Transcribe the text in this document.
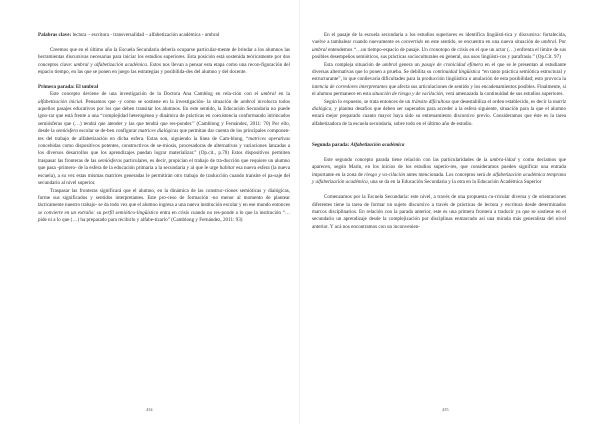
Palabras clave: lectura – escritura - transversalidad – alfabetización académica - umbral

Creemos que en el último año la Escuela Secundaria debería ocuparse particular-mente de brindar a los alumnos las herramientas discursivas necesarias para iniciar los estudios superiores. Esta posición está sostenida teóricamente por dos conceptos clave: umbral y alfabetización académica. Estos nos llevan a pensar esta etapa como una recon-figuración del espacio tiempo, en las que se ponen en juego las estrategias y posibilida-des del alumno y del docente.

Primera parada: El umbral

Este concepto deviene de una investigación de la Doctora Ana Camblog en rela-ción con el umbral en la alfabetización inicial. Pensamos que -y como se sostiene en la investigación- la situación de umbral involucra todos aquellos pasajes educativos por los que deben transitar los alumnos. En este sentido, la Educación Secundaria no puede igno-rar que está frente a una “complejidad heterogénea y dinámica de prácticas en coexistencia conformando intrincados semiósferas que (…) tendrá que atender y las que tendrá que res-ponder.” (Camblong y Fernández, 2011: 70) Por ello, desde la semiósfera escolar se de-ben configurar matrices dialógicas que permitan dar cuenta de los principales componen-tes del trabajo de alfabetización en dicha esfera. Estas son, siguiendo la línea de Cam-blong, “matrices operativas concebidas como dispositivos potentes, constructivos de se-miosis, procesadoras de alternativas y variaciones lanzadas a los diversos desarrollos que los aprendizajes puedan lograr materializar.” (Op.cit., p.70) Estos dispositivos permiten traspasar las fronteras de las semiósferas particulares, es decir, propician el trabajo de tra-ducción que requiere un alumno que pasa -primero- de la esfera de la educación primaria a la secundaria y al que le urge habitar esa nueva esfera (la nueva escuela), a su vez estas mismas matrices generadas le permitirán otro trabajo de traducción cuando transite el pa-saje del secundario al nivel superior.

Traspasar las fronteras significará que el alumno, en la dinámica de las construc-ciones semióticas y dialógicas, forme sus significados y sentidos interpretantes. Este pro-ceso de formación -no menor al momento de plantear tácticamente nuestro trabajo- se da todo vez que el alumno ingresa a una nueva institución escolar y en ese mundo entonces se convierte en un extraño: su perfil semiótico-lingüístico entra en crisis cuando no res-ponde a lo que la institución “…pide ni a lo que (…) ha preparado para recibirlo y alfabe-tizarlo” (Camblong y Fernández, 2011: 93)

434

En el pasaje de la escuela secundaria a los estudios superiores es identifíca lingüísti-tica y discursiva: fortalecida, vuelve a tambalear cuando nuevamente es convertido en este sentido, se encuentra en una nueva situación de umbral. Por umbral entendemos “…un tiempo-espacio de pasaje. Un cronotopo de crisis en el que un actor (…) enfrenta el límite de sus posibles desempeños semióticos, sus prácticas socioculturales en general, sus usos lingüísti-cos y parafrasis.” (Op.Cit. 97)

Esta compleja situación de umbral genera un pasaje de cronicidad efímera en el que se le presentan al estudiante diversas alternativas que lo ponen a prueba. Se debilita su continuidad lingüística “en tanto práctica semiótica estructural y estructurante”, lo que conllevaría dificultades para la producción lingüística o anulación de esta posibilidad; esto provoca la latencia de corredores interpretantes que afecta sus articulaciones de sentido y los encadenamientos posibles. Finalmente, si el alumno permanece en esta situación de riesgo y de vacilación, verá amenazada la continuidad de sus estudios superiores.

Según lo expuesto, se trata entonces de un tránsito dificultoso que desestabiliza el orden establecido, es decir la matriz dialógica, y plantea desafíos que deben ser superados para acceder a la esfera siguiente, situación para la que el alumno estará mejor preparado cuanto mayor haya sido su entrenamiento discursivo previo. Consideramos que éste es la tarea alfabetizadora de la escuela secundaria, sobre todo en el último año de estudio.

Segunda parada: Alfabetización académica

Este segundo concepto parada tiene relación con las particularidades de la umbra-lidad y como decíamos que aparecen, según Marín, en los inicios de los estudios superio-res, que consideramos pueden significar una entrada importante en la zona de riesgo y va-cilación antes mencionada. Los conceptos será de alfabetización académica temprana y alfabetización académica, una se da en la Educación Secundaria y la otra en la Educación Académica Superior

Comenzamos por la Escuela Secundaria: este nivel, a través de una propuesta cu-rricular diversa y de orientaciones diferentes tiene la tarea de formar un sujeto discursivo a través de prácticas de lectura y escritura desde determinados marcos disciplinarios. En relación con la parada anterior, este es una primera frontera a traducir ya que se sostiene en el secundario un aprendizaje desde la complejización por disciplinas enmarcado así una mirada más generalista del nivel anterior. Y acá nos encontramos con un inconvenien-

435
